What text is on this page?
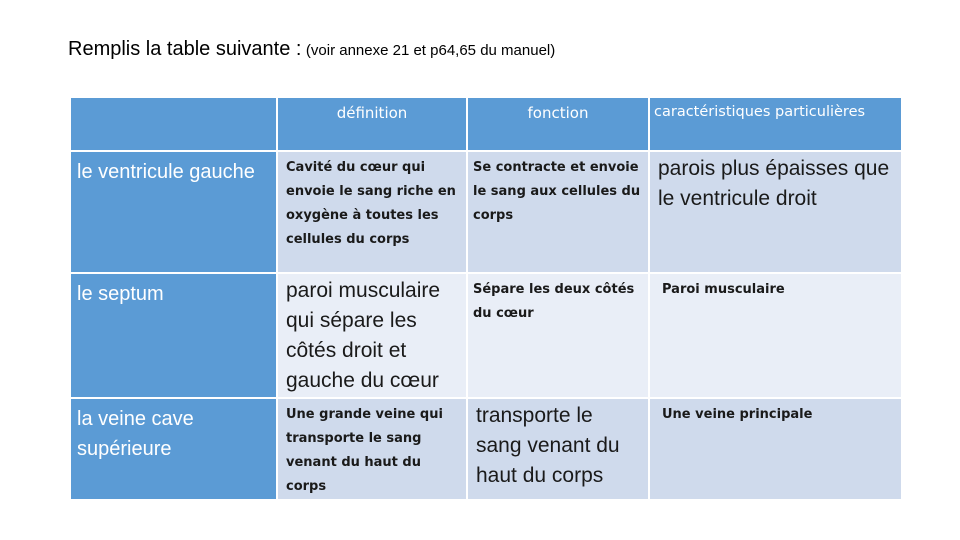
Remplis la table suivante : (voir annexe 21 et p64,65 du manuel)

	définition	fonction	caractéristiques particulières

le ventricule gauche	Cavité du cœur qui envoie le sang riche en oxygène à toutes les cellules du corps	Se contracte et envoie le sang aux cellules du corps	parois plus épaisses que le ventricule droit

le septum	paroi musculaire qui sépare les côtés droit et gauche du cœur	Sépare les deux côtés du cœur	Paroi musculaire

la veine cave supérieure	Une grande veine qui transporte le sang venant du haut du corps	transporte le sang venant du haut du corps	Une veine principale
